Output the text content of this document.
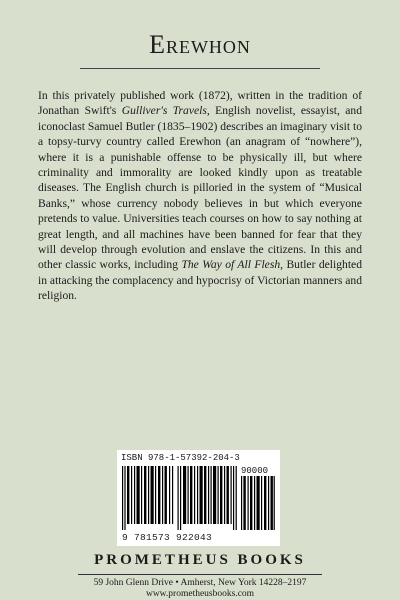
Erewhon
In this privately published work (1872), written in the tradition of Jonathan Swift's Gulliver's Travels, English novelist, essayist, and iconoclast Samuel Butler (1835–1902) describes an imaginary visit to a topsy-turvy country called Erewhon (an anagram of “nowhere”), where it is a punishable offense to be physically ill, but where criminality and immorality are looked kindly upon as treatable diseases. The English church is pilloried in the system of “Musical Banks,” whose currency nobody believes in but which everyone pretends to value. Universities teach courses on how to say nothing at great length, and all machines have been banned for fear that they will develop through evolution and enslave the citizens. In this and other classic works, including The Way of All Flesh, Butler delighted in attacking the complacency and hypocrisy of Victorian manners and religion.
ISBN 978-1-57392-204-3
90000
9 781573 922043
PROMETHEUS BOOKS
59 John Glenn Drive • Amherst, New York 14228–2197
www.prometheusbooks.com
